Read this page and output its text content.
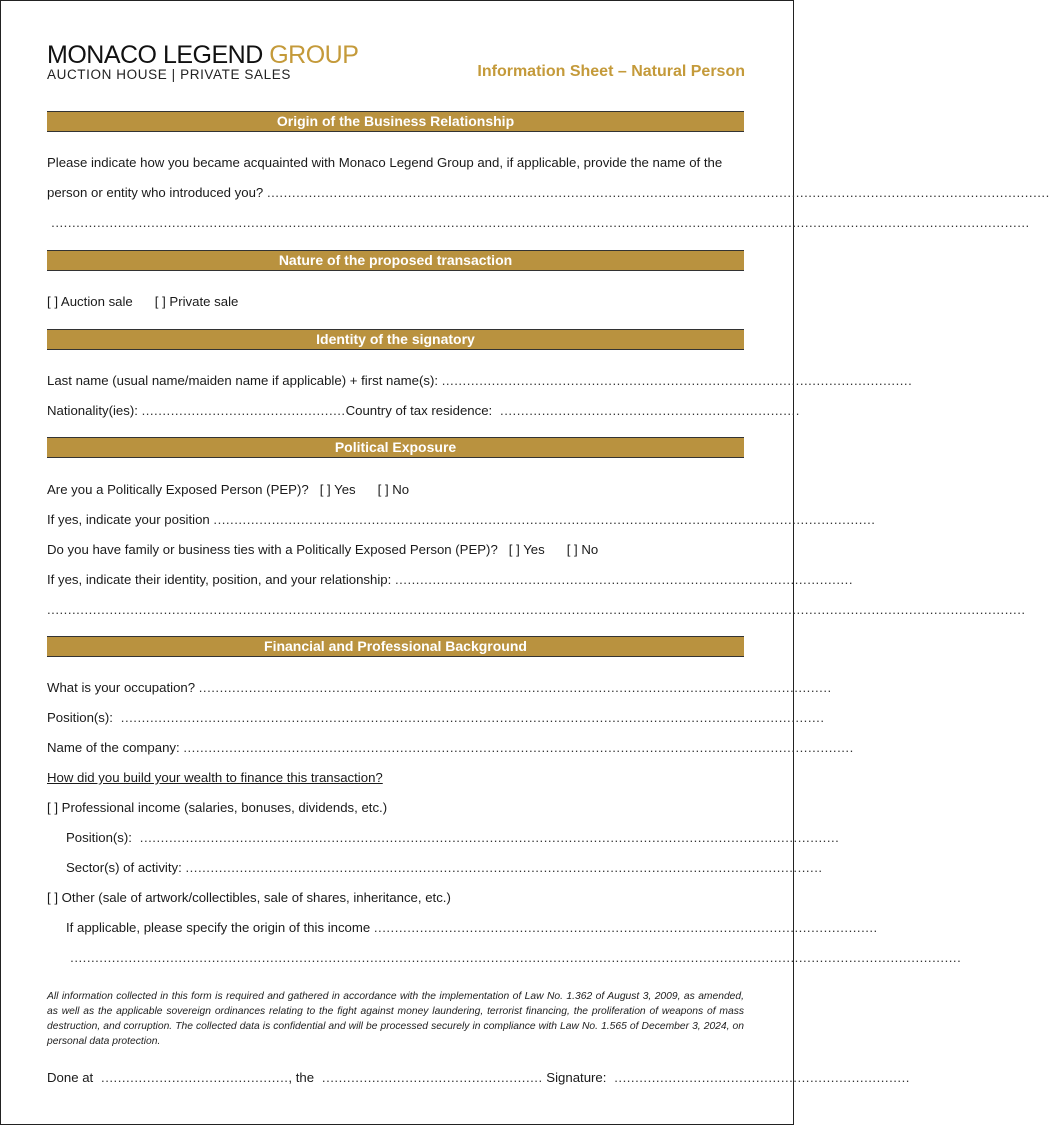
MONACO LEGEND GROUP
AUCTION HOUSE | PRIVATE SALES	Information Sheet – Natural Person
Origin of the Business Relationship
Please indicate how you became acquainted with Monaco Legend Group and, if applicable, provide the name of the
person or entity who introduced you? ............................................................................................................................................................................................
...........................................................................................................................................................................................................................................
Nature of the proposed transaction
[ ] Auction sale [ ] Private sale
Identity of the signatory
Last name (usual name/maiden name if applicable) + first name(s): .................................................................................................................
Nationality(ies): .................................................Country of tax residence:  ........................................................................
Political Exposure
Are you a Politically Exposed Person (PEP)? [ ] Yes [ ] No
If yes, indicate your position ...............................................................................................................................................................
Do you have family or business ties with a Politically Exposed Person (PEP)? [ ] Yes [ ] No
If yes, indicate their identity, position, and your relationship: ..............................................................................................................
...........................................................................................................................................................................................................................................
Financial and Professional Background
What is your occupation? ........................................................................................................................................................
Position(s):  .........................................................................................................................................................................
Name of the company: .................................................................................................................................................................
How did you build your wealth to finance this transaction?
[ ] Professional income (salaries, bonuses, dividends, etc.)
Position(s):  ........................................................................................................................................................................
Sector(s) of activity: .........................................................................................................................................................
[ ] Other (sale of artwork/collectibles, sale of shares, inheritance, etc.)
If applicable, please specify the origin of this income .........................................................................................................................
......................................................................................................................................................................................................................
All information collected in this form is required and gathered in accordance with the implementation of Law No. 1.362 of August 3, 2009, as amended, as well as the applicable sovereign ordinances relating to the fight against money laundering, terrorist financing, the proliferation of weapons of mass destruction, and corruption. The collected data is confidential and will be processed securely in compliance with Law No. 1.565 of December 3, 2024, on personal data protection.
Done at  ............................................., the  ..................................................... Signature:  .......................................................................
